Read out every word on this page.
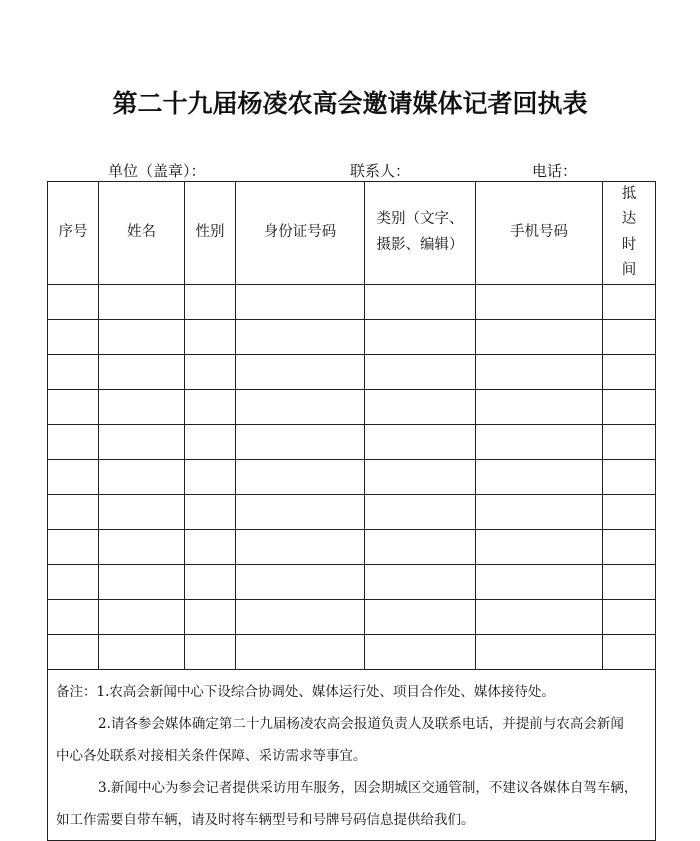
第二十九届杨凌农高会邀请媒体记者回执表
单位（盖章）：	联系人：	电话：
序号	姓名	性别	身份证号码	类别（文字、摄影、编辑）	手机号码	抵达时间

备注：1.农高会新闻中心下设综合协调处、媒体运行处、项目合作处、媒体接待处。
2.请各参会媒体确定第二十九届杨凌农高会报道负责人及联系电话，并提前与农高会新闻
中心各处联系对接相关条件保障、采访需求等事宜。
3.新闻中心为参会记者提供采访用车服务，因会期城区交通管制，不建议各媒体自驾车辆，
如工作需要自带车辆，请及时将车辆型号和号牌号码信息提供给我们。						
